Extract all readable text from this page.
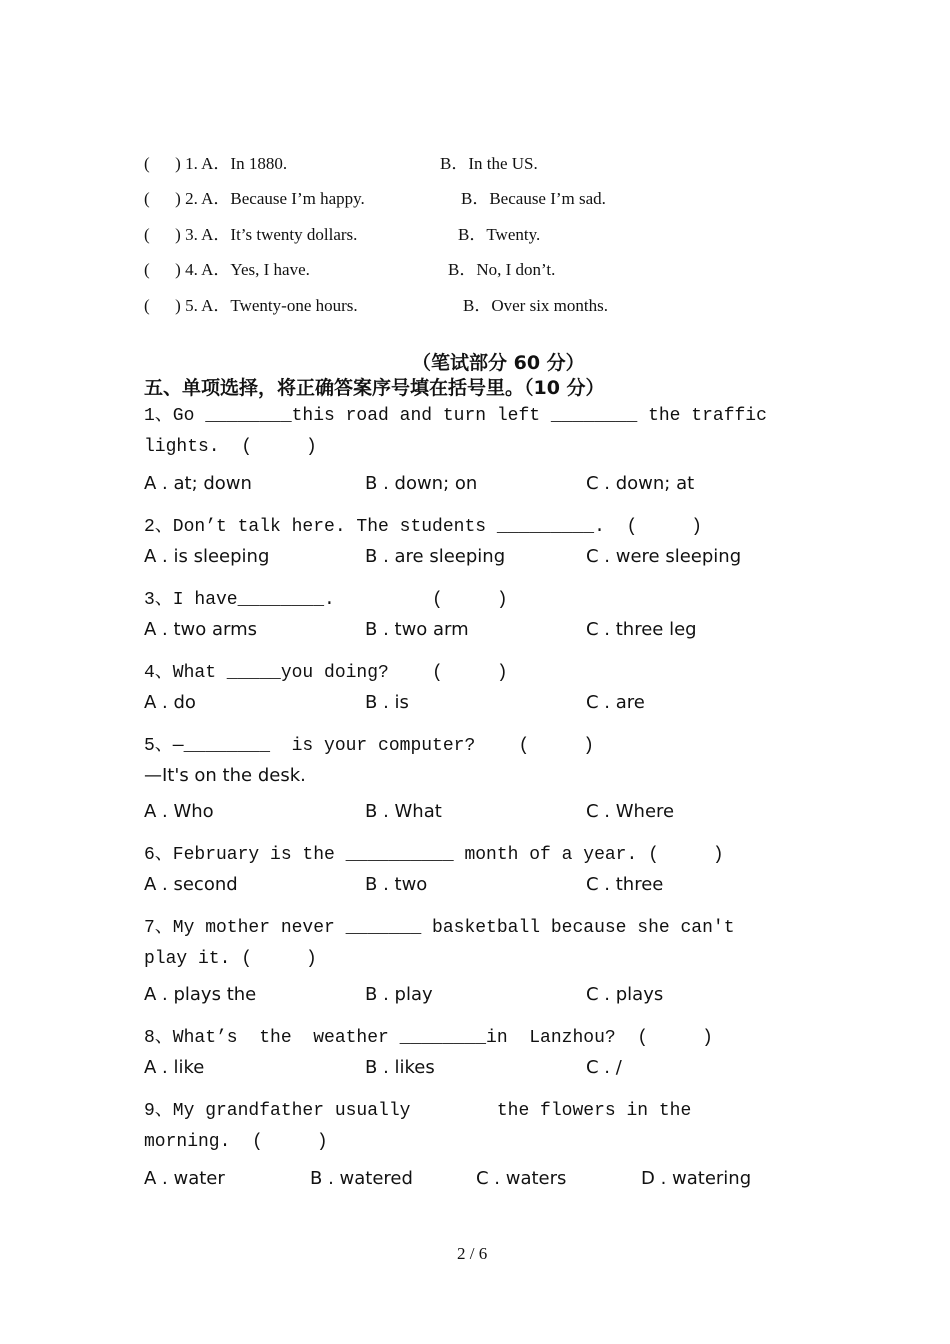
(      ) 1. A．In 1880.	B．In the US.
(      ) 2. A．Because I’m happy.	B．Because I’m sad.
(      ) 3. A．It’s twenty dollars.	B．Twenty.
(      ) 4. A．Yes, I have.	B．No, I don’t.
(      ) 5. A．Twenty-one hours.	B．Over six months.
（笔试部分 60 分）
五、单项选择，将正确答案序号填在括号里。（10 分）
1、Go ________this road and turn left ________ the traffic
lights.  (     )
A . at; down	B . down; on	C . down; at
2、Don’t talk here. The students _________.  (     )
A . is sleeping	B . are sleeping	C . were sleeping
3、I have________.         (     )
A . two arms	B . two arm	C . three leg
4、What _____you doing?    (     )
A . do	B . is	C . are
5、—________  is your computer?    (     )
—It's on the desk.
A . Who	B . What	C . Where
6、February is the __________ month of a year. (     )
A . second	B . two	C . three
7、My mother never _______ basketball because she can't
play it. (     )
A . plays the	B . play	C . plays
8、What’s  the  weather ________in  Lanzhou?  (     )
A . like	B . likes	C . /
9、My grandfather usually        the flowers in the
morning.  (     )
A . water	B . watered	C . waters	D . watering
2 / 6
